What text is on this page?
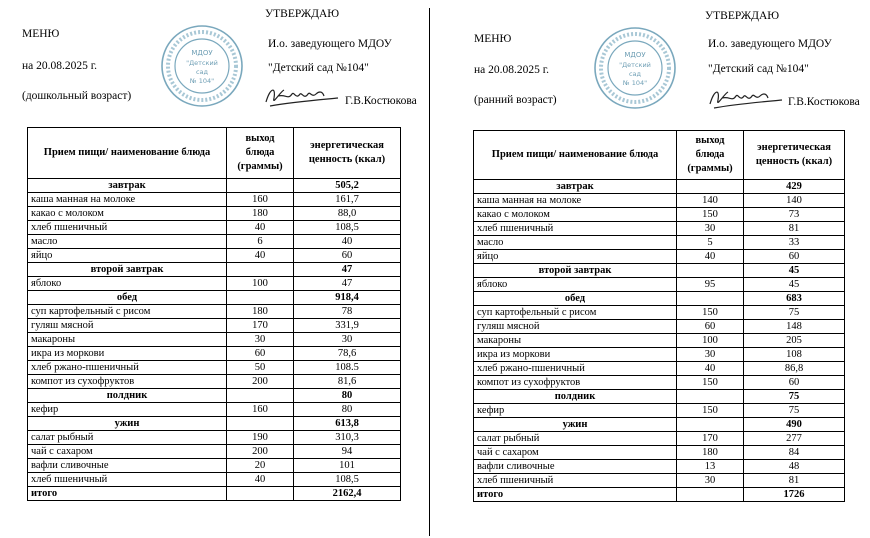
МЕНЮ
на 20.08.2025 г.
(дошкольный возраст)
УТВЕРЖДАЮ
И.о. заведующего МДОУ
"Детский сад №104"
Г.В.Костюкова
МДОУ
"Детский
сад
№ 104"
Прием пищи/ наименование блюда	выход блюда (граммы)	энергетическая ценность (ккал)
завтрак		505,2
каша манная на молоке	160	161,7
какао с молоком	180	88,0
хлеб пшеничный	40	108,5
масло	6	40
яйцо	40	60
второй завтрак		47
яблоко	100	47
обед		918,4
суп картофельный с рисом	180	78
гуляш мясной	170	331,9
макароны	30	30
икра из моркови	60	78,6
хлеб ржано-пшеничный	50	108.5
компот из сухофруктов	200	81,6
полдник		80
кефир	160	80
ужин		613,8
салат рыбный	190	310,3
чай с сахаром	200	94
вафли сливочные	20	101
хлеб пшеничный	40	108,5
итого		2162,4
МЕНЮ
на 20.08.2025 г.
(ранний возраст)
УТВЕРЖДАЮ
И.о. заведующего МДОУ
"Детский сад №104"
Г.В.Костюкова
МДОУ
"Детский
сад
№ 104"
Прием пищи/ наименование блюда	выход блюда (граммы)	энергетическая ценность (ккал)
завтрак		429
каша манная на молоке	140	140
какао с молоком	150	73
хлеб пшеничный	30	81
масло	5	33
яйцо	40	60
второй завтрак		45
яблоко	95	45
обед		683
суп картофельный с рисом	150	75
гуляш мясной	60	148
макароны	100	205
икра из моркови	30	108
хлеб ржано-пшеничный	40	86,8
компот из сухофруктов	150	60
полдник		75
кефир	150	75
ужин		490
салат рыбный	170	277
чай с сахаром	180	84
вафли сливочные	13	48
хлеб пшеничный	30	81
итого		1726
